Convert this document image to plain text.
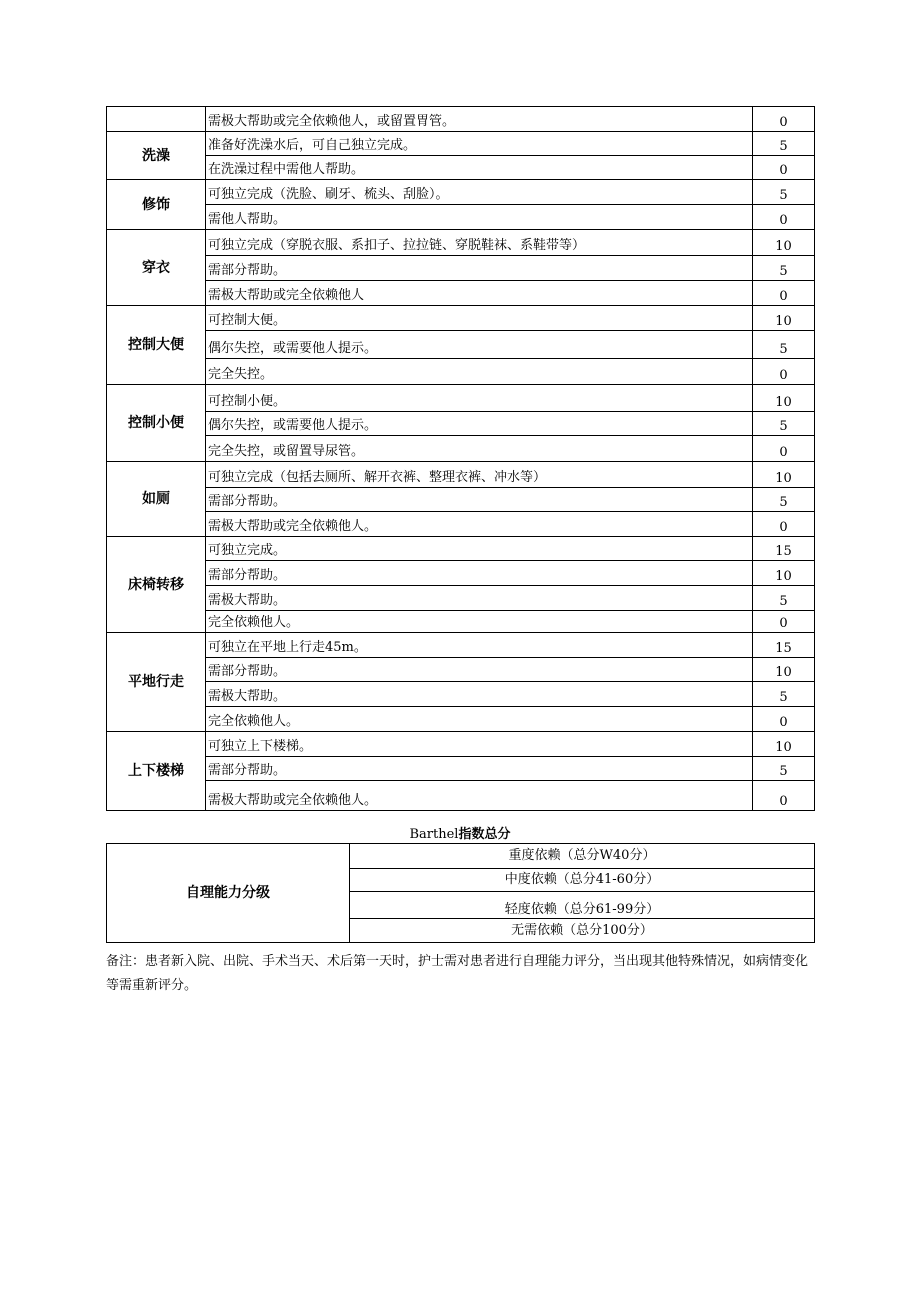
	需极大帮助或完全依赖他人，或留置胃管。	0
洗澡	准备好洗澡水后，可自己独立完成。	5
	在洗澡过程中需他人帮助。	0
修饰	可独立完成（洗脸、刷牙、梳头、刮脸）。	5
	需他人帮助。	0
穿衣	可独立完成（穿脱衣服、系扣子、拉拉链、穿脱鞋袜、系鞋带等）	10
	需部分帮助。	5
	需极大帮助或完全依赖他人	0
控制大便	可控制大便。	10
	偶尔失控，或需要他人提示。	5
	完全失控。	0
控制小便	可控制小便。	10
	偶尔失控，或需要他人提示。	5
	完全失控，或留置导尿管。	0
如厕	可独立完成（包括去厕所、解开衣裤、整理衣裤、冲水等）	10
	需部分帮助。	5
	需极大帮助或完全依赖他人。	0
床椅转移	可独立完成。	15
	需部分帮助。	10
	需极大帮助。	5
	完全依赖他人。	0
平地行走	可独立在平地上行走45m。	15
	需部分帮助。	10
	需极大帮助。	5
	完全依赖他人。	0
上下楼梯	可独立上下楼梯。	10
	需部分帮助。	5
	需极大帮助或完全依赖他人。	0
Barthel指数总分
自理能力分级	重度依赖（总分W40分）
中度依赖（总分41-60分）
轻度依赖（总分61-99分）
无需依赖（总分100分）
备注：患者新入院、出院、手术当天、术后第一天时，护士需对患者进行自理能力评分，当出现其他特殊情况，如病情变化等需重新评分。
